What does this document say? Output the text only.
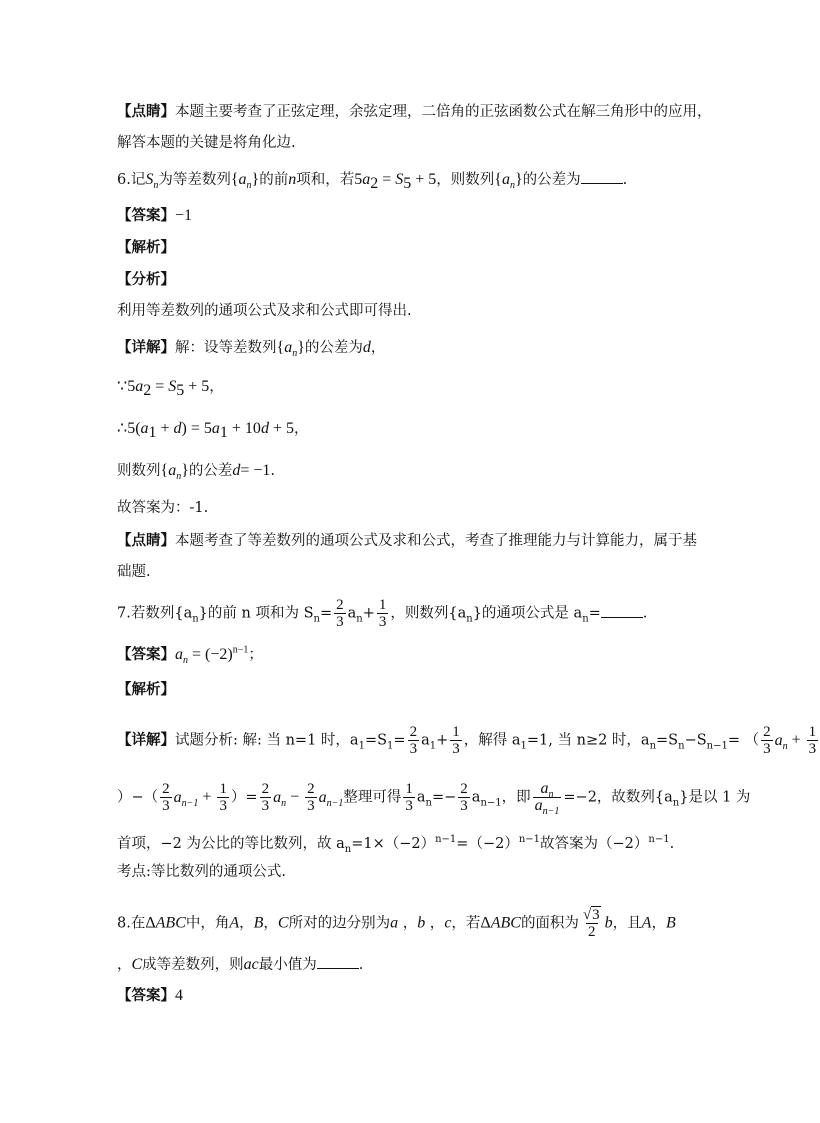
【点睛】本题主要考查了正弦定理，余弦定理，二倍角的正弦函数公式在解三角形中的应用，
解答本题的关键是将角化边.
6.记$S_n$为等差数列$\{a_n\}$的前n项和，若$5a_2 = S_5 + 5$，则数列$\{a_n\}$的公差为	.
【答案】−1
【解析】
【分析】
利用等差数列的通项公式及求和公式即可得出.
【详解】解：设等差数列$\{a_n\}$的公差为d，
$\because 5a_2 = S_5 + 5$，
$\therefore 5(a_1 + d) = 5a_1 + 10d + 5$，
则数列$\{a_n\}$的公差d= −1.
故答案为：-1.
【点睛】本题考查了等差数列的通项公式及求和公式，考查了推理能力与计算能力，属于基
础题.
7.若数列$\{a_n\}$的前 n 项和为 $S_n= \frac{2}{3} a_n+ \frac{1}{3}$ ，则数列$\{a_n\}$的通项公式是 $a_n=$	.
【答案】$a_n = (-2)^{n-1}$；
【解析】
【详解】试题分析: 解: 当 n=1 时，$a_1=S_1= \frac{2}{3} a_1+ \frac{1}{3}$ ，解得 $a_1=1$, 当 n≥2 时，$a_n=S_n-S_{n-1}=$ （ $\frac{2}{3} a_n + \frac{1}{3}$
）−（ $\frac{2}{3} a_{n-1} + \frac{1}{3}$ ）= $\frac{2}{3} a_n - \frac{2}{3} a_{n-1}$整理可得 $\frac{1}{3} a_n=- \frac{2}{3} a_{n-1}$，即 $\frac{a_n}{a_{n-1}} =-2$，故数列$\{a_n\}$是以 1 为
首项，−2 为公比的等比数列，故 $a_n=1\times(-2)^{n-1}=(-2)^{n-1}$故答案为$(-2)^{n-1}$.
考点:等比数列的通项公式.
8.在ΔABC中，角A，B，C所对的边分别为a ，b ，c，若ΔABC的面积为 $\frac{√3}{2}$ b，且A，B
，C成等差数列，则ac最小值为	.
【答案】4
